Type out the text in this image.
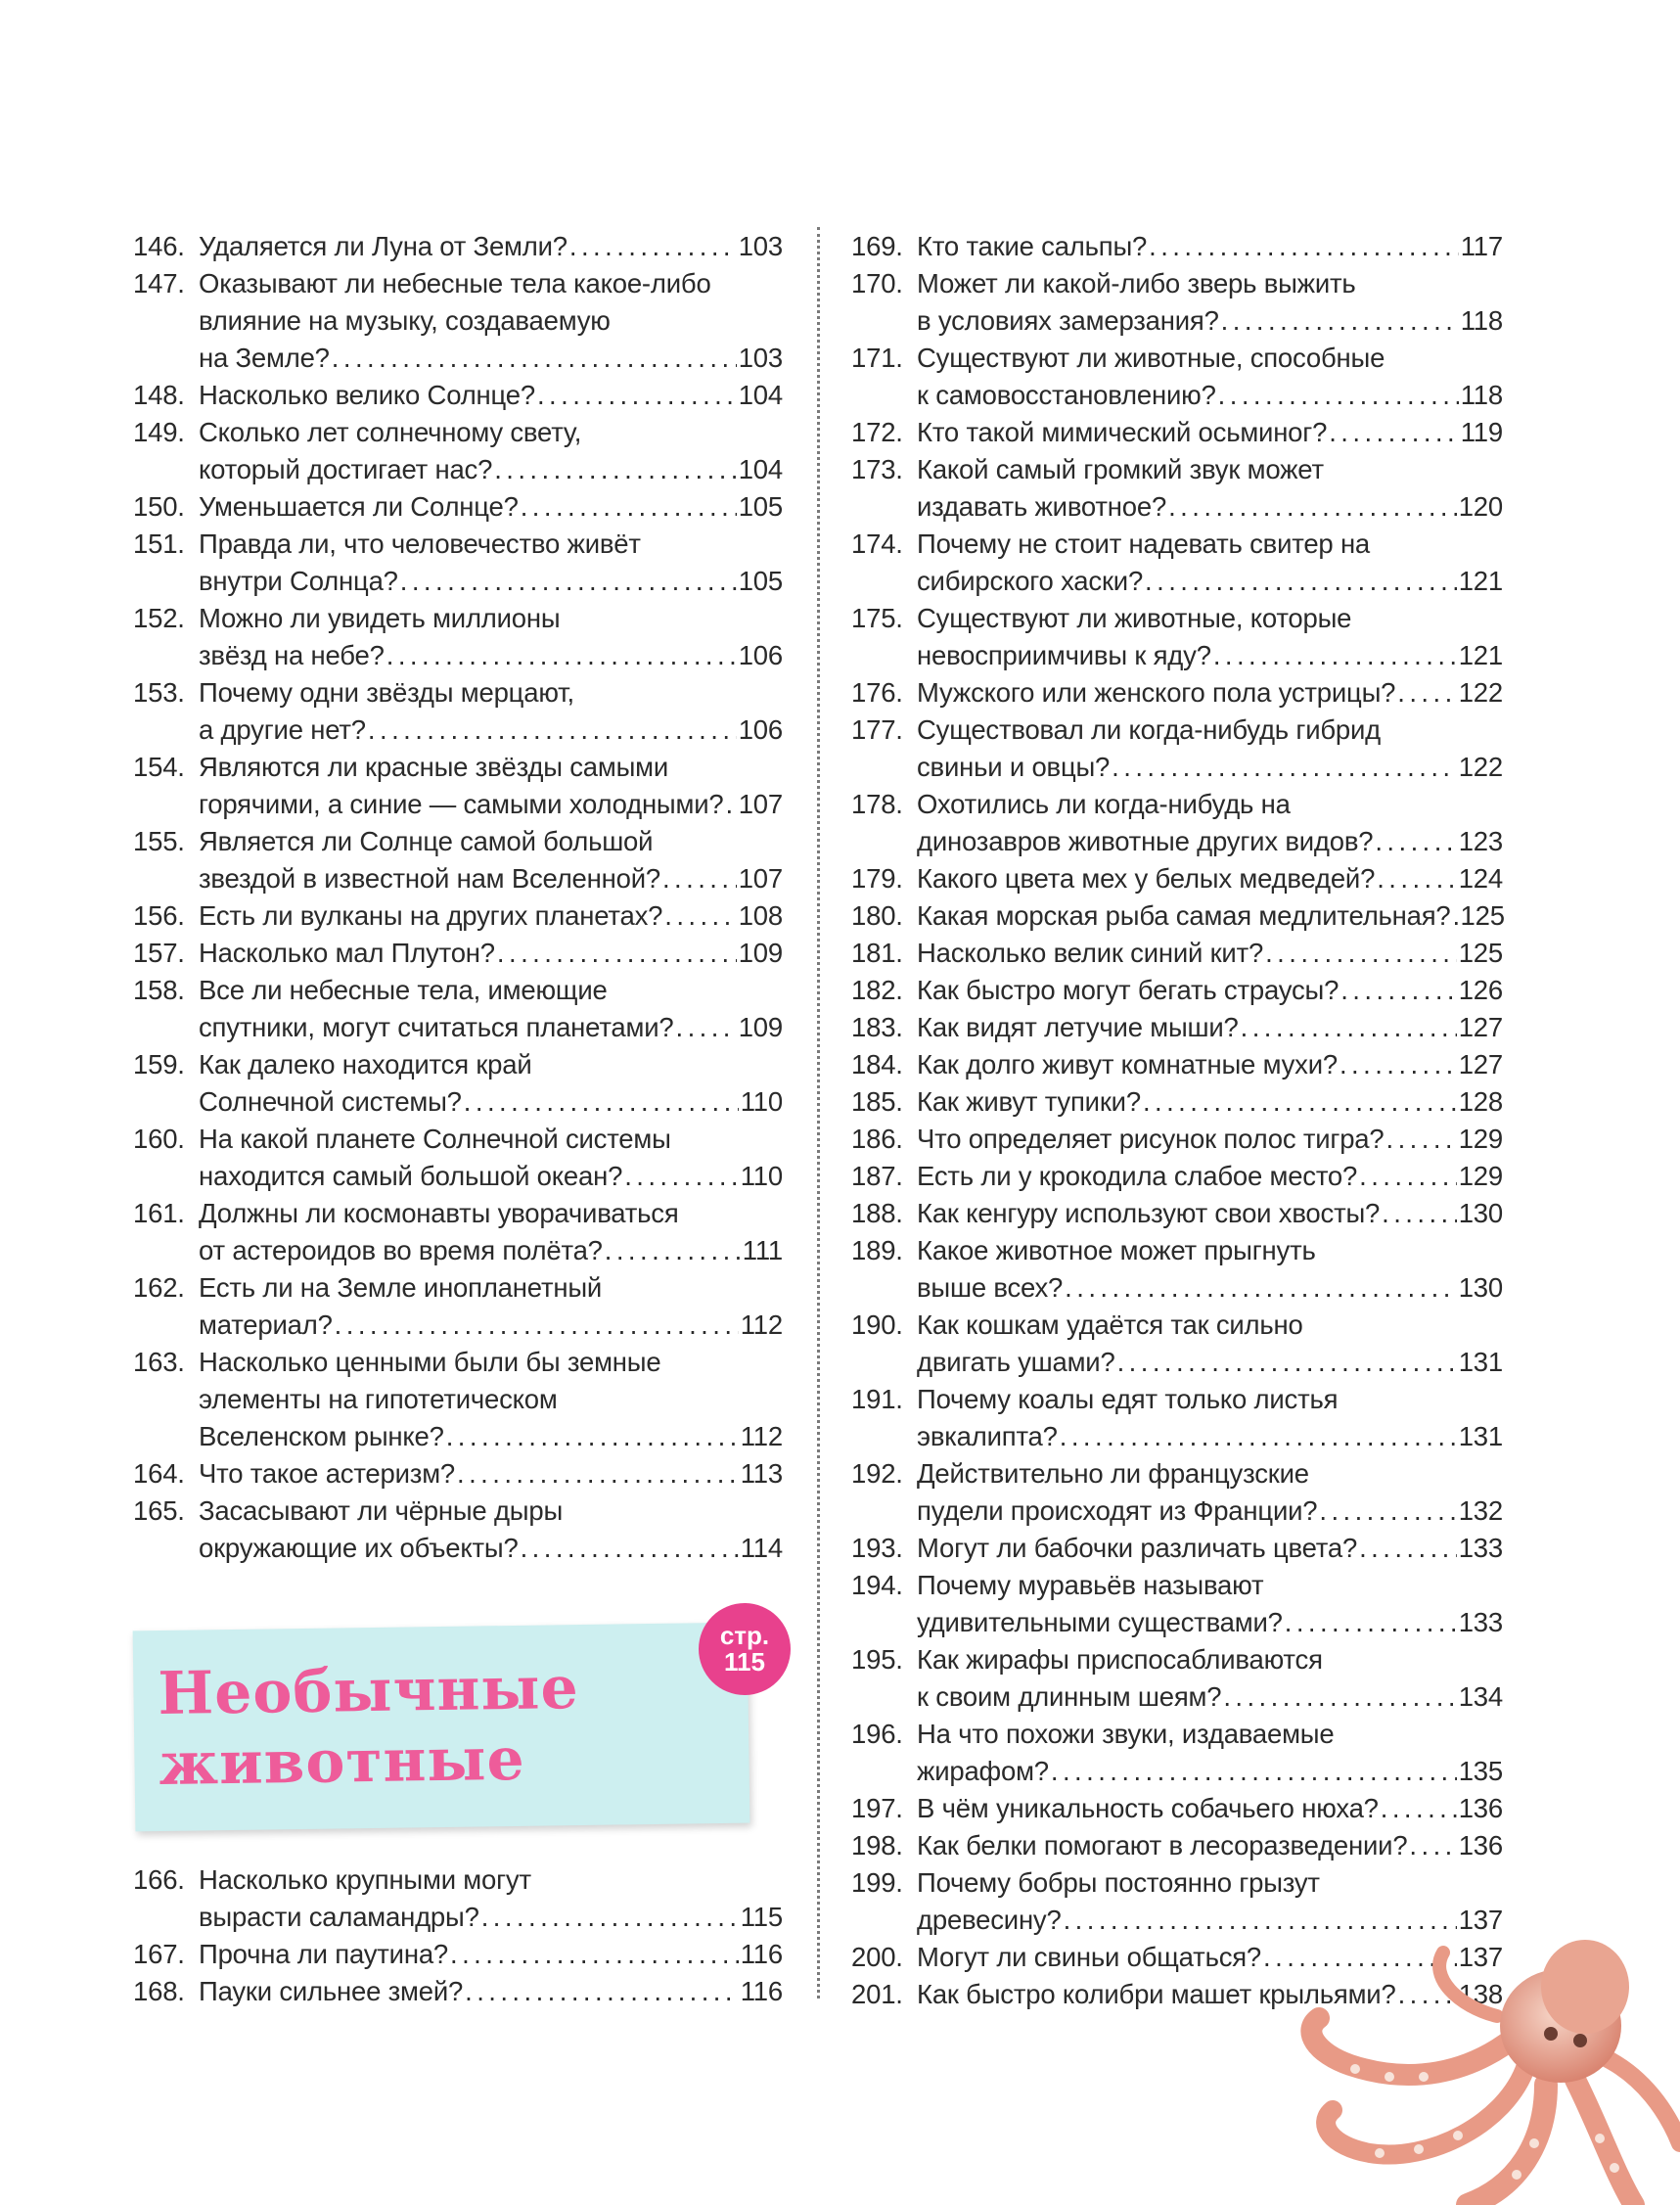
146. Удаляется ли Луна от Земли? . . .	103
147. Оказывают ли небесные тела какое-либо
влияние на музыку, создаваемую
на Земле? . . .	103
148. Насколько велико Солнце? . . .	104
149. Сколько лет солнечному свету,
который достигает нас? . . .	104
150. Уменьшается ли Солнце? . . .	105
151. Правда ли, что человечество живёт
внутри Солнца? . . .	105
152. Можно ли увидеть миллионы
звёзд на небе? . . .	106
153. Почему одни звёзды мерцают,
а другие нет? . . .	106
154. Являются ли красные звёзды самыми
горячими, а синие — самыми холодными? . . . 107
155. Является ли Солнце самой большой
звездой в известной нам Вселенной? . . .	107
156. Есть ли вулканы на других планетах? . . .	108
157. Насколько мал Плутон? . . .	109
158. Все ли небесные тела, имеющие
спутники, могут считаться планетами? . . . 109
159. Как далеко находится край
Солнечной системы? . . .	110
160. На какой планете Солнечной системы
находится самый большой океан? . . .	110
161. Должны ли космонавты уворачиваться
от астероидов во время полёта? . . .	111
162. Есть ли на Земле инопланетный
материал? . . .	112
163. Насколько ценными были бы земные
элементы на гипотетическом
Вселенском рынке? . . .	112
164. Что такое астеризм? . . .	113
165. Засасывают ли чёрные дыры
окружающие их объекты? . . .	114
Необычные
животные
стр.
115
166. Насколько крупными могут
вырасти саламандры? . . .	115
167. Прочна ли паутина? . . .	116
168. Пауки сильнее змей? . . .	116
169. Кто такие сальпы? . . .	117
170. Может ли какой-либо зверь выжить
в условиях замерзания? . . .	118
171. Существуют ли животные, способные
к самовосстановлению? . . .	118
172. Кто такой мимический осьминог? . . .	119
173. Какой самый громкий звук может
издавать животное? . . .	120
174. Почему не стоит надевать свитер на
сибирского хаски? . . .	121
175. Существуют ли животные, которые
невосприимчивы к яду? . . .	121
176. Мужского или женского пола устрицы? . . . 122
177. Существовал ли когда-нибудь гибрид
свиньи и овцы? . . .	122
178. Охотились ли когда-нибудь на
динозавров животные других видов? . . .	123
179. Какого цвета мех у белых медведей? . . .	124
180. Какая морская рыба самая медлительная? . . . 125
181. Насколько велик синий кит? . . .	125
182. Как быстро могут бегать страусы? . . .	126
183. Как видят летучие мыши? . . .	127
184. Как долго живут комнатные мухи? . . .	127
185. Как живут тупики? . . .	128
186. Что определяет рисунок полос тигра? . . .	129
187. Есть ли у крокодила слабое место? . . .	129
188. Как кенгуру используют свои хвосты? . . .	130
189. Какое животное может прыгнуть
выше всех? . . .	130
190. Как кошкам удаётся так сильно
двигать ушами? . . .	131
191. Почему коалы едят только листья
эвкалипта? . . .	131
192. Действительно ли французские
пудели происходят из Франции? . . .	132
193. Могут ли бабочки различать цвета? . . .	133
194. Почему муравьёв называют
удивительными существами? . . .	133
195. Как жирафы приспосабливаются
к своим длинным шеям? . . .	134
196. На что похожи звуки, издаваемые
жирафом? . . .	135
197. В чём уникальность собачьего нюха? . . .	136
198. Как белки помогают в лесоразведении? . . . 136
199. Почему бобры постоянно грызут
древесину? . . .	137
200. Могут ли свиньи общаться? . . .	137
201. Как быстро колибри машет крыльями? . . . 138
